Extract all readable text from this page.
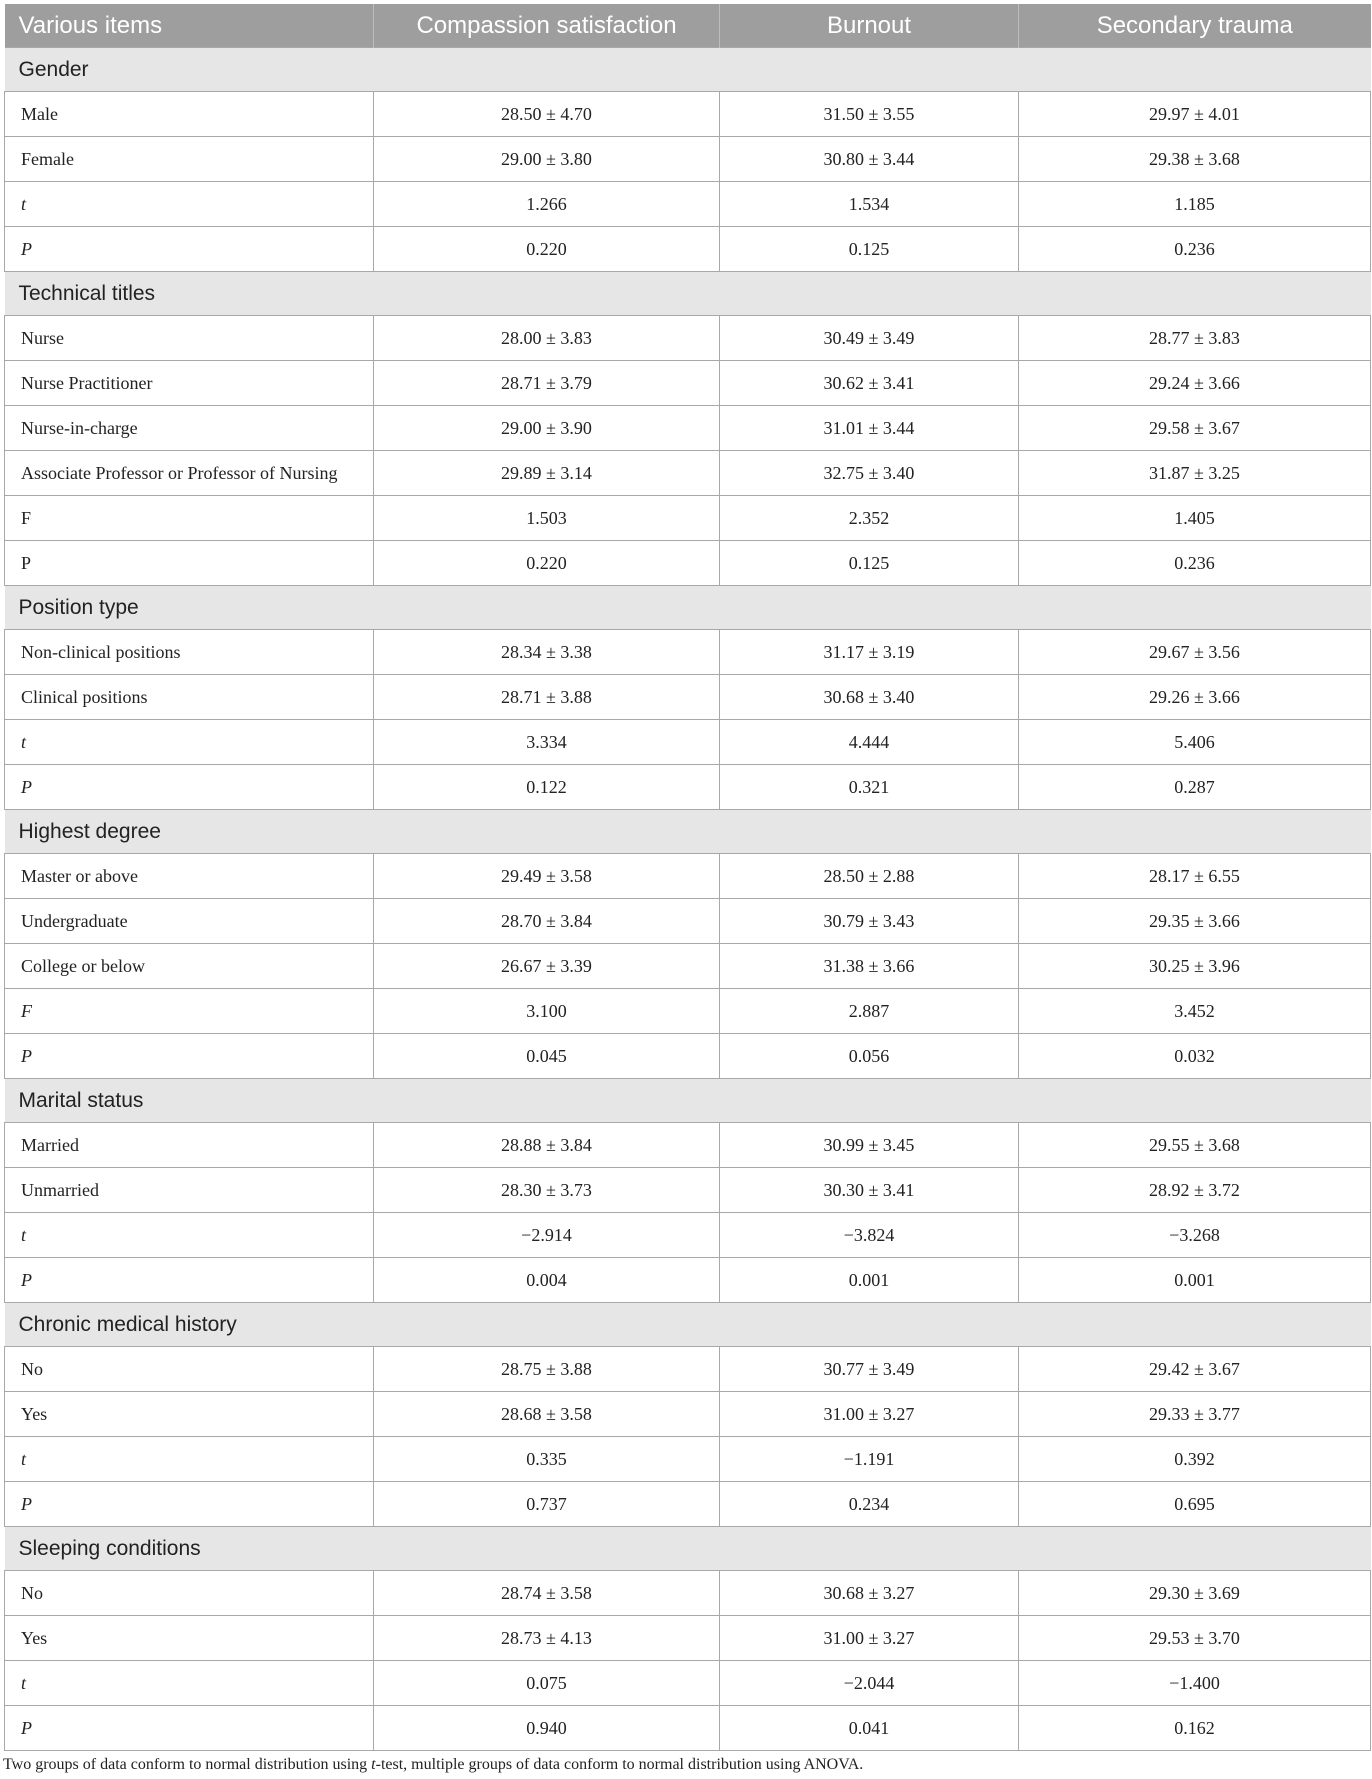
Various items	Compassion satisfaction	Burnout	Secondary trauma
Gender			
Male	28.50 ± 4.70	31.50 ± 3.55	29.97 ± 4.01
Female	29.00 ± 3.80	30.80 ± 3.44	29.38 ± 3.68
t	1.266	1.534	1.185
P	0.220	0.125	0.236
Technical titles			
Nurse	28.00 ± 3.83	30.49 ± 3.49	28.77 ± 3.83
Nurse Practitioner	28.71 ± 3.79	30.62 ± 3.41	29.24 ± 3.66
Nurse-in-charge	29.00 ± 3.90	31.01 ± 3.44	29.58 ± 3.67
Associate Professor or Professor of Nursing	29.89 ± 3.14	32.75 ± 3.40	31.87 ± 3.25
F	1.503	2.352	1.405
P	0.220	0.125	0.236
Position type			
Non-clinical positions	28.34 ± 3.38	31.17 ± 3.19	29.67 ± 3.56
Clinical positions	28.71 ± 3.88	30.68 ± 3.40	29.26 ± 3.66
t	3.334	4.444	5.406
P	0.122	0.321	0.287
Highest degree			
Master or above	29.49 ± 3.58	28.50 ± 2.88	28.17 ± 6.55
Undergraduate	28.70 ± 3.84	30.79 ± 3.43	29.35 ± 3.66
College or below	26.67 ± 3.39	31.38 ± 3.66	30.25 ± 3.96
F	3.100	2.887	3.452
P	0.045	0.056	0.032
Marital status			
Married	28.88 ± 3.84	30.99 ± 3.45	29.55 ± 3.68
Unmarried	28.30 ± 3.73	30.30 ± 3.41	28.92 ± 3.72
t	−2.914	−3.824	−3.268
P	0.004	0.001	0.001
Chronic medical history			
No	28.75 ± 3.88	30.77 ± 3.49	29.42 ± 3.67
Yes	28.68 ± 3.58	31.00 ± 3.27	29.33 ± 3.77
t	0.335	−1.191	0.392
P	0.737	0.234	0.695
Sleeping conditions			
No	28.74 ± 3.58	30.68 ± 3.27	29.30 ± 3.69
Yes	28.73 ± 4.13	31.00 ± 3.27	29.53 ± 3.70
t	0.075	−2.044	−1.400
P	0.940	0.041	0.162
Two groups of data conform to normal distribution using t-test, multiple groups of data conform to normal distribution using ANOVA.
